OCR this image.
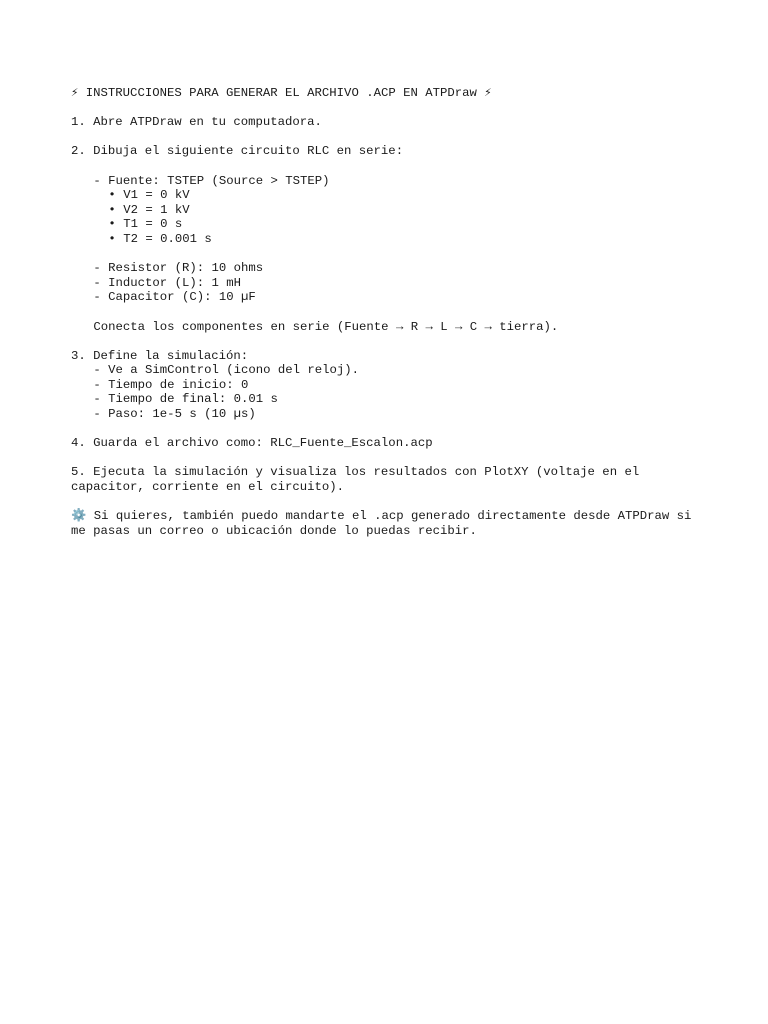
⚡ INSTRUCCIONES PARA GENERAR EL ARCHIVO .ACP EN ATPDraw ⚡
1. Abre ATPDraw en tu computadora.
2. Dibuja el siguiente circuito RLC en serie:
- Fuente: TSTEP (Source > TSTEP)
• V1 = 0 kV
• V2 = 1 kV
• T1 = 0 s
• T2 = 0.001 s
- Resistor (R): 10 ohms
- Inductor (L): 1 mH
- Capacitor (C): 10 µF
Conecta los componentes en serie (Fuente → R → L → C → tierra).
3. Define la simulación:
- Ve a SimControl (icono del reloj).
- Tiempo de inicio: 0
- Tiempo de final: 0.01 s
- Paso: 1e-5 s (10 µs)
4. Guarda el archivo como: RLC_Fuente_Escalon.acp
5. Ejecuta la simulación y visualiza los resultados con PlotXY (voltaje en el capacitor, corriente en el circuito).
⚙️ Si quieres, también puedo mandarte el .acp generado directamente desde ATPDraw si me pasas un correo o ubicación donde lo puedas recibir.
